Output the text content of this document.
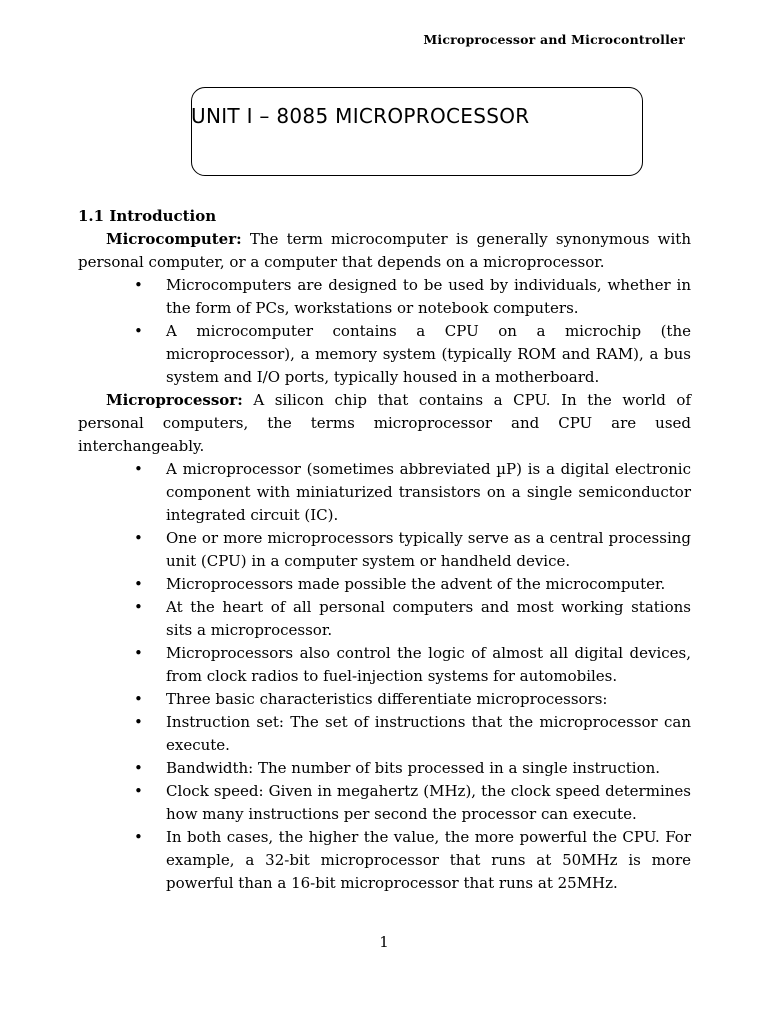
Microprocessor and Microcontroller
UNIT I – 8085 MICROPROCESSOR

1.1 Introduction

Microcomputer: The term microcomputer is generally synonymous with personal computer, or a computer that depends on a microprocessor.

• Microcomputers are designed to be used by individuals, whether in the form of PCs, workstations or notebook computers.
• A microcomputer contains a CPU on a microchip (the microprocessor), a memory system (typically ROM and RAM), a bus system and I/O ports, typically housed in a motherboard.

Microprocessor: A silicon chip that contains a CPU. In the world of personal computers, the terms microprocessor and CPU are used interchangeably.

• A microprocessor (sometimes abbreviated µP) is a digital electronic component with miniaturized transistors on a single semiconductor integrated circuit (IC).
• One or more microprocessors typically serve as a central processing unit (CPU) in a computer system or handheld device.
• Microprocessors made possible the advent of the microcomputer.
• At the heart of all personal computers and most working stations sits a microprocessor.
• Microprocessors also control the logic of almost all digital devices, from clock radios to fuel-injection systems for automobiles.
• Three basic characteristics differentiate microprocessors:
• Instruction set: The set of instructions that the microprocessor can execute.
• Bandwidth: The number of bits processed in a single instruction.
• Clock speed: Given in megahertz (MHz), the clock speed determines how many instructions per second the processor can execute.
• In both cases, the higher the value, the more powerful the CPU. For example, a 32-bit microprocessor that runs at 50MHz is more powerful than a 16-bit microprocessor that runs at 25MHz.
1
